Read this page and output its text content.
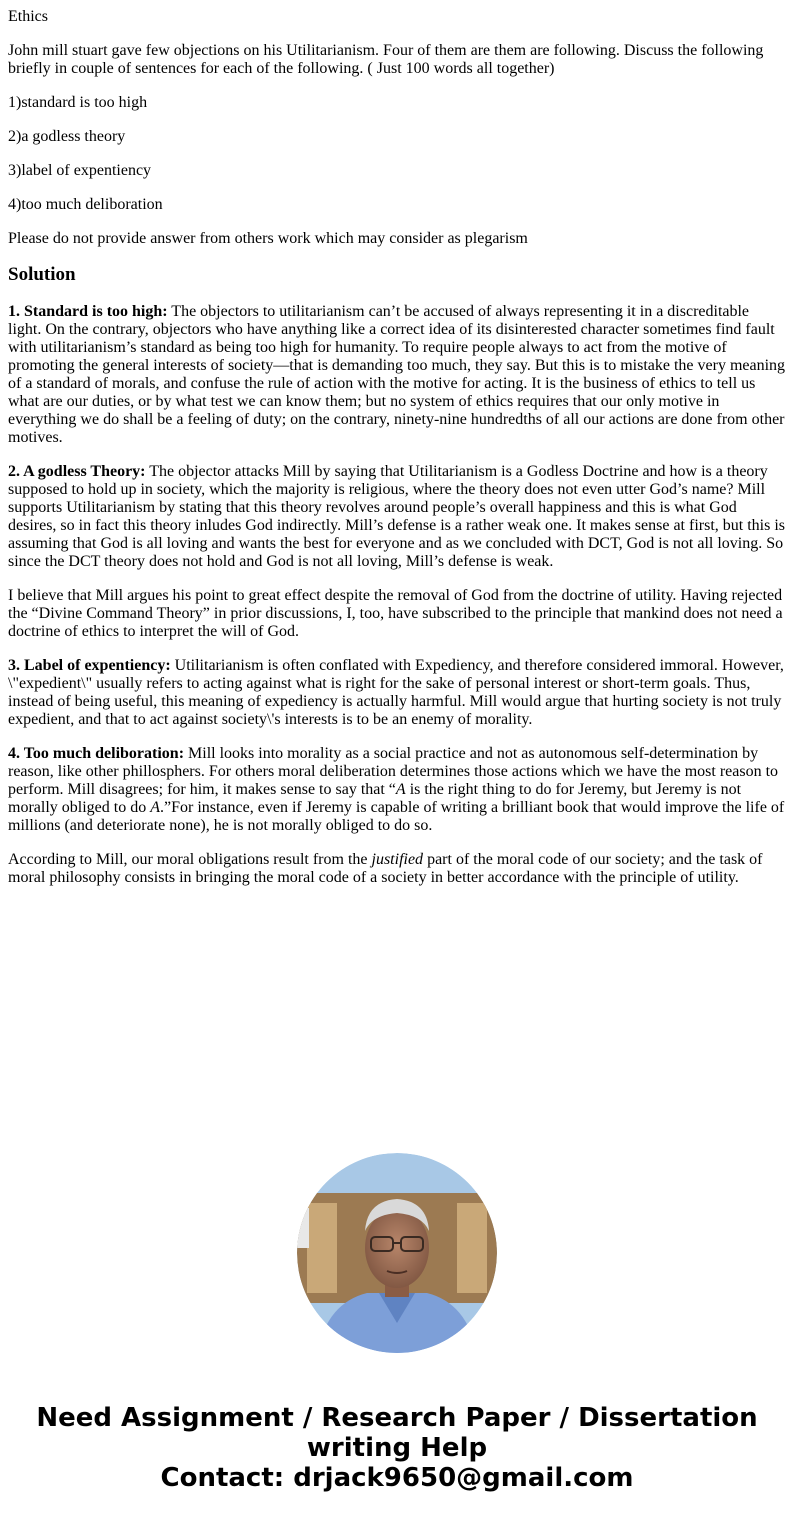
Ethics

John mill stuart gave few objections on his Utilitarianism. Four of them are them are following. Discuss the following briefly in couple of sentences for each of the following. ( Just 100 words all together)

1)standard is too high

2)a godless theory

3)label of expentiency

4)too much deliboration

Please do not provide answer from others work which may consider as plegarism

Solution

1. Standard is too high: The objectors to utilitarianism can’t be accused of always representing it in a discreditable light. On the contrary, objectors who have anything like a correct idea of its disinterested character sometimes find fault with utilitarianism’s standard as being too high for humanity. To require people always to act from the motive of promoting the general interests of society—that is demanding too much, they say. But this is to mistake the very meaning of a standard of morals, and confuse the rule of action with the motive for acting. It is the business of ethics to tell us what are our duties, or by what test we can know them; but no system of ethics requires that our only motive in everything we do shall be a feeling of duty; on the contrary, ninety-nine hundredths of all our actions are done from other motives.

2. A godless Theory: The objector attacks Mill by saying that Utilitarianism is a Godless Doctrine and how is a theory supposed to hold up in society, which the majority is religious, where the theory does not even utter God’s name? Mill supports Utilitarianism by stating that this theory revolves around people’s overall happiness and this is what God desires, so in fact this theory inludes God indirectly. Mill’s defense is a rather weak one. It makes sense at first, but this is assuming that God is all loving and wants the best for everyone and as we concluded with DCT, God is not all loving. So since the DCT theory does not hold and God is not all loving, Mill’s defense is weak.

I believe that Mill argues his point to great effect despite the removal of God from the doctrine of utility. Having rejected the “Divine Command Theory” in prior discussions, I, too, have subscribed to the principle that mankind does not need a doctrine of ethics to interpret the will of God.

3. Label of expentiency: Utilitarianism is often conflated with Expediency, and therefore considered immoral. However, \"expedient\" usually refers to acting against what is right for the sake of personal interest or short-term goals. Thus, instead of being useful, this meaning of expediency is actually harmful. Mill would argue that hurting society is not truly expedient, and that to act against society\'s interests is to be an enemy of morality.

4. Too much deliboration: Mill looks into morality as a social practice and not as autonomous self-determination by reason, like other phillosphers. For others moral deliberation determines those actions which we have the most reason to perform. Mill disagrees; for him, it makes sense to say that “A is the right thing to do for Jeremy, but Jeremy is not morally obliged to do A.”For instance, even if Jeremy is capable of writing a brilliant book that would improve the life of millions (and deteriorate none), he is not morally obliged to do so.

According to Mill, our moral obligations result from the justified part of the moral code of our society; and the task of moral philosophy consists in bringing the moral code of a society in better accordance with the principle of utility.

Need Assignment / Research Paper / Dissertation
writing Help
Contact: drjack9650@gmail.com
